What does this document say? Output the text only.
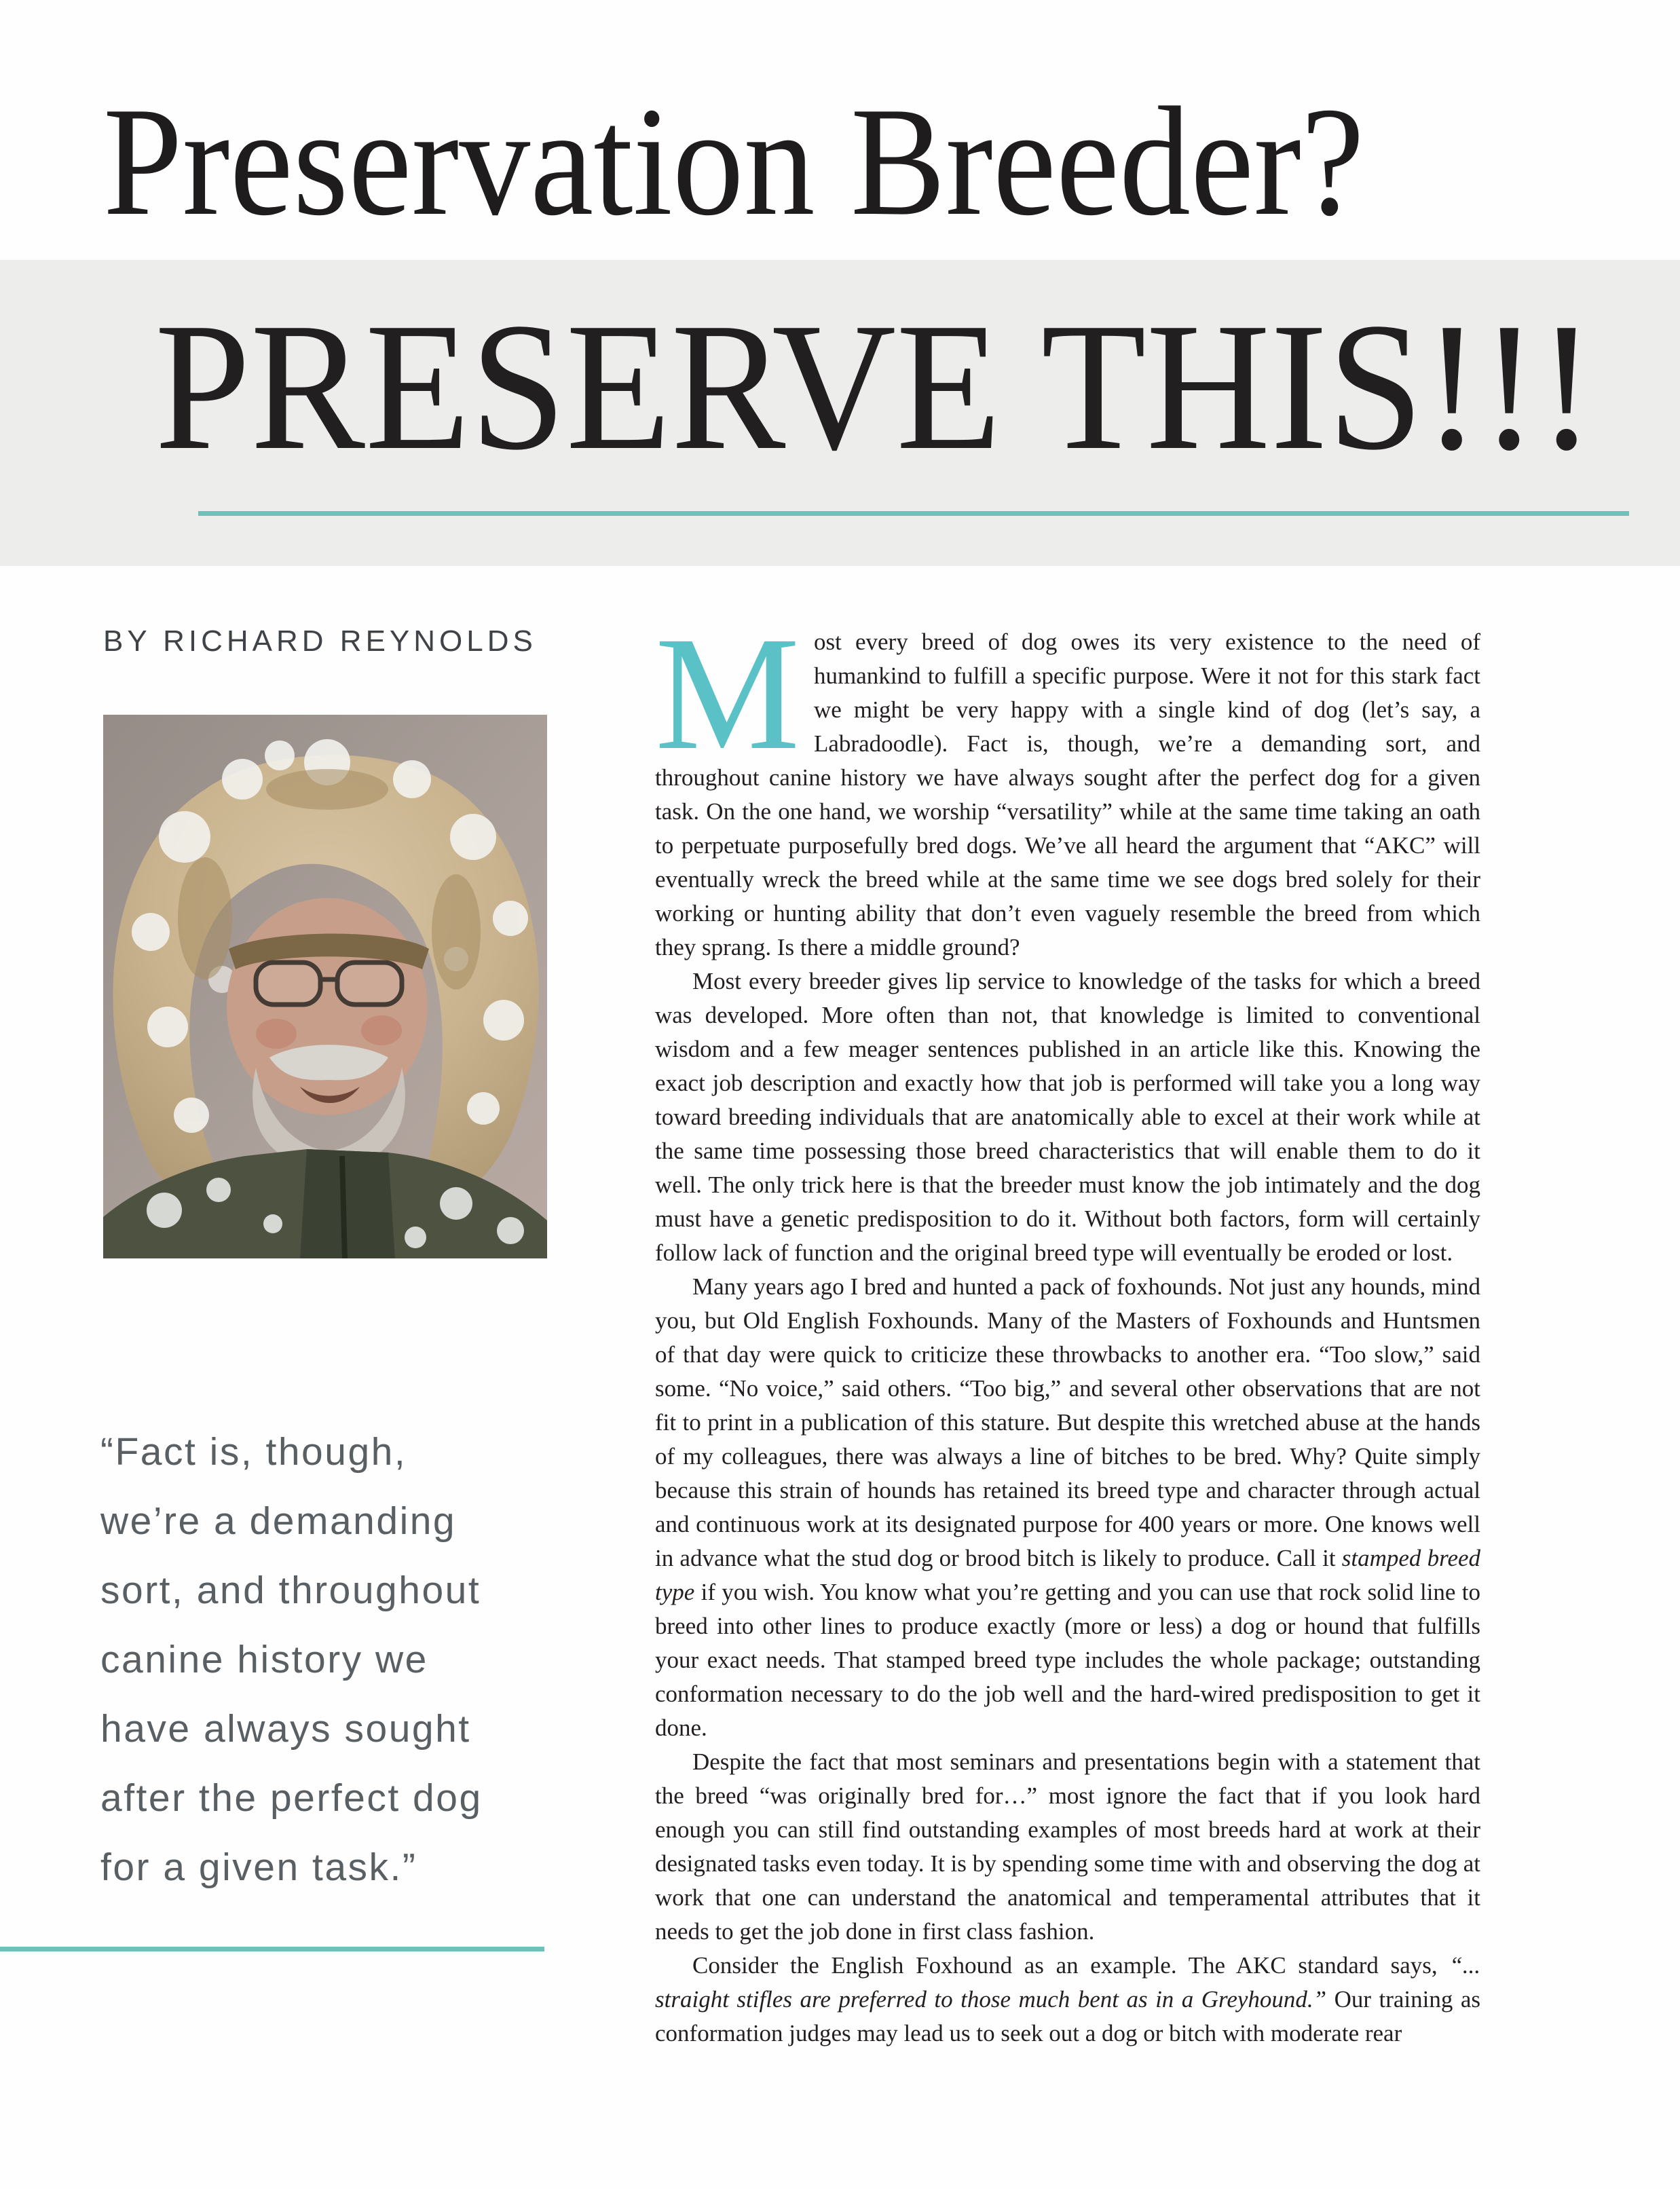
Preservation Breeder?
PRESERVE THIS!!!
BY RICHARD REYNOLDS
“Fact is, though,
we’re a demanding
sort, and throughout
canine history we
have always sought
after the perfect dog
for a given task.”

Most every breed of dog owes its very existence to the need of humankind to fulfill a specific purpose. Were it not for this stark fact we might be very happy with a single kind of dog (let’s say, a Labradoodle). Fact is, though, we’re a demanding sort, and throughout canine history we have always sought after the perfect dog for a given task. On the one hand, we worship “versatility” while at the same time taking an oath to perpetuate purposefully bred dogs. We’ve all heard the argument that “AKC” will eventually wreck the breed while at the same time we see dogs bred solely for their working or hunting ability that don’t even vaguely resemble the breed from which they sprang. Is there a middle ground?

Most every breeder gives lip service to knowledge of the tasks for which a breed was developed. More often than not, that knowledge is limited to conventional wisdom and a few meager sentences published in an article like this. Knowing the exact job description and exactly how that job is performed will take you a long way toward breeding individuals that are anatomically able to excel at their work while at the same time possessing those breed characteristics that will enable them to do it well. The only trick here is that the breeder must know the job intimately and the dog must have a genetic predisposition to do it. Without both factors, form will certainly follow lack of function and the original breed type will eventually be eroded or lost.

Many years ago I bred and hunted a pack of foxhounds. Not just any hounds, mind you, but Old English Foxhounds. Many of the Masters of Foxhounds and Huntsmen of that day were quick to criticize these throwbacks to another era. “Too slow,” said some. “No voice,” said others. “Too big,” and several other observations that are not fit to print in a publication of this stature. But despite this wretched abuse at the hands of my colleagues, there was always a line of bitches to be bred. Why? Quite simply because this strain of hounds has retained its breed type and character through actual and continuous work at its designated purpose for 400 years or more. One knows well in advance what the stud dog or brood bitch is likely to produce. Call it stamped breed type if you wish. You know what you’re getting and you can use that rock solid line to breed into other lines to produce exactly (more or less) a dog or hound that fulfills your exact needs. That stamped breed type includes the whole package; outstanding conformation necessary to do the job well and the hard-wired predisposition to get it done.

Despite the fact that most seminars and presentations begin with a statement that the breed “was originally bred for…” most ignore the fact that if you look hard enough you can still find outstanding examples of most breeds hard at work at their designated tasks even today. It is by spending some time with and observing the dog at work that one can understand the anatomical and temperamental attributes that it needs to get the job done in first class fashion.

Consider the English Foxhound as an example. The AKC standard says, “... straight stifles are preferred to those much bent as in a Greyhound.” Our training as conformation judges may lead us to seek out a dog or bitch with moderate rear
